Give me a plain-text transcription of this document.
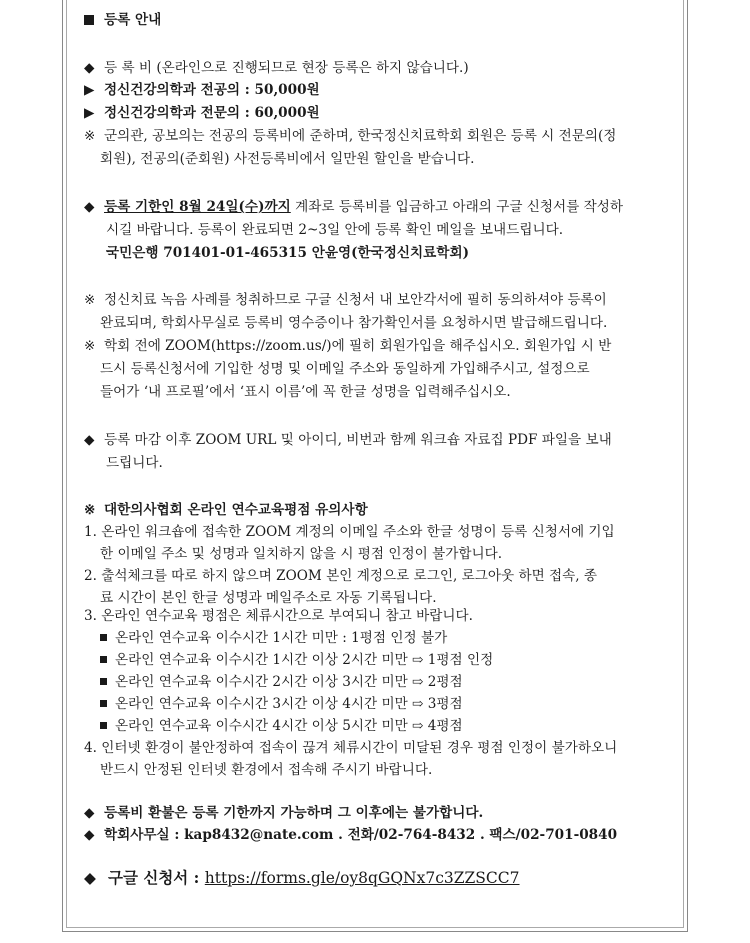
등록 안내
◆ 등 록 비 (온라인으로 진행되므로 현장 등록은 하지 않습니다.)
▶ 정신건강의학과 전공의 : 50,000원
▶ 정신건강의학과 전문의 : 60,000원
※ 군의관, 공보의는 전공의 등록비에 준하며, 한국정신치료학회 회원은 등록 시 전문의(정
회원), 전공의(준회원) 사전등록비에서 일만원 할인을 받습니다.
◆ 등록 기한인 8월 24일(수)까지 계좌로 등록비를 입금하고 아래의 구글 신청서를 작성하
시길 바랍니다. 등록이 완료되면 2~3일 안에 등록 확인 메일을 보내드립니다.
국민은행 701401-01-465315 안윤영(한국정신치료학회)
※ 정신치료 녹음 사례를 청취하므로 구글 신청서 내 보안각서에 필히 동의하셔야 등록이
완료되며, 학회사무실로 등록비 영수증이나 참가확인서를 요청하시면 발급해드립니다.
※ 학회 전에 ZOOM(https://zoom.us/)에 필히 회원가입을 해주십시오. 회원가입 시 반
드시 등록신청서에 기입한 성명 및 이메일 주소와 동일하게 가입해주시고, 설정으로
들어가 ‘내 프로필’에서 ‘표시 이름’에 꼭 한글 성명을 입력해주십시오.
◆ 등록 마감 이후 ZOOM URL 및 아이디, 비번과 함께 워크숍 자료집 PDF 파일을 보내
드립니다.
※ 대한의사협회 온라인 연수교육평점 유의사항
1. 온라인 워크숍에 접속한 ZOOM 계정의 이메일 주소와 한글 성명이 등록 신청서에 기입
한 이메일 주소 및 성명과 일치하지 않을 시 평점 인정이 불가합니다.
2. 출석체크를 따로 하지 않으며 ZOOM 본인 계정으로 로그인, 로그아웃 하면 접속, 종
료 시간이 본인 한글 성명과 메일주소로 자동 기록됩니다.
3. 온라인 연수교육 평점은 체류시간으로 부여되니 참고 바랍니다.
온라인 연수교육 이수시간 1시간 미만 : 1평점 인정 불가
온라인 연수교육 이수시간 1시간 이상 2시간 미만 ⇨ 1평점 인정
온라인 연수교육 이수시간 2시간 이상 3시간 미만 ⇨ 2평점
온라인 연수교육 이수시간 3시간 이상 4시간 미만 ⇨ 3평점
온라인 연수교육 이수시간 4시간 이상 5시간 미만 ⇨ 4평점
4. 인터넷 환경이 불안정하여 접속이 끊겨 체류시간이 미달된 경우 평점 인정이 불가하오니
반드시 안정된 인터넷 환경에서 접속해 주시기 바랍니다.
◆ 등록비 환불은 등록 기한까지 가능하며 그 이후에는 불가합니다.
◆ 학회사무실 : kap8432@nate.com . 전화/02-764-8432 . 팩스/02-701-0840
◆ 구글 신청서 : https://forms.gle/oy8qGQNx7c3ZZSCC7
